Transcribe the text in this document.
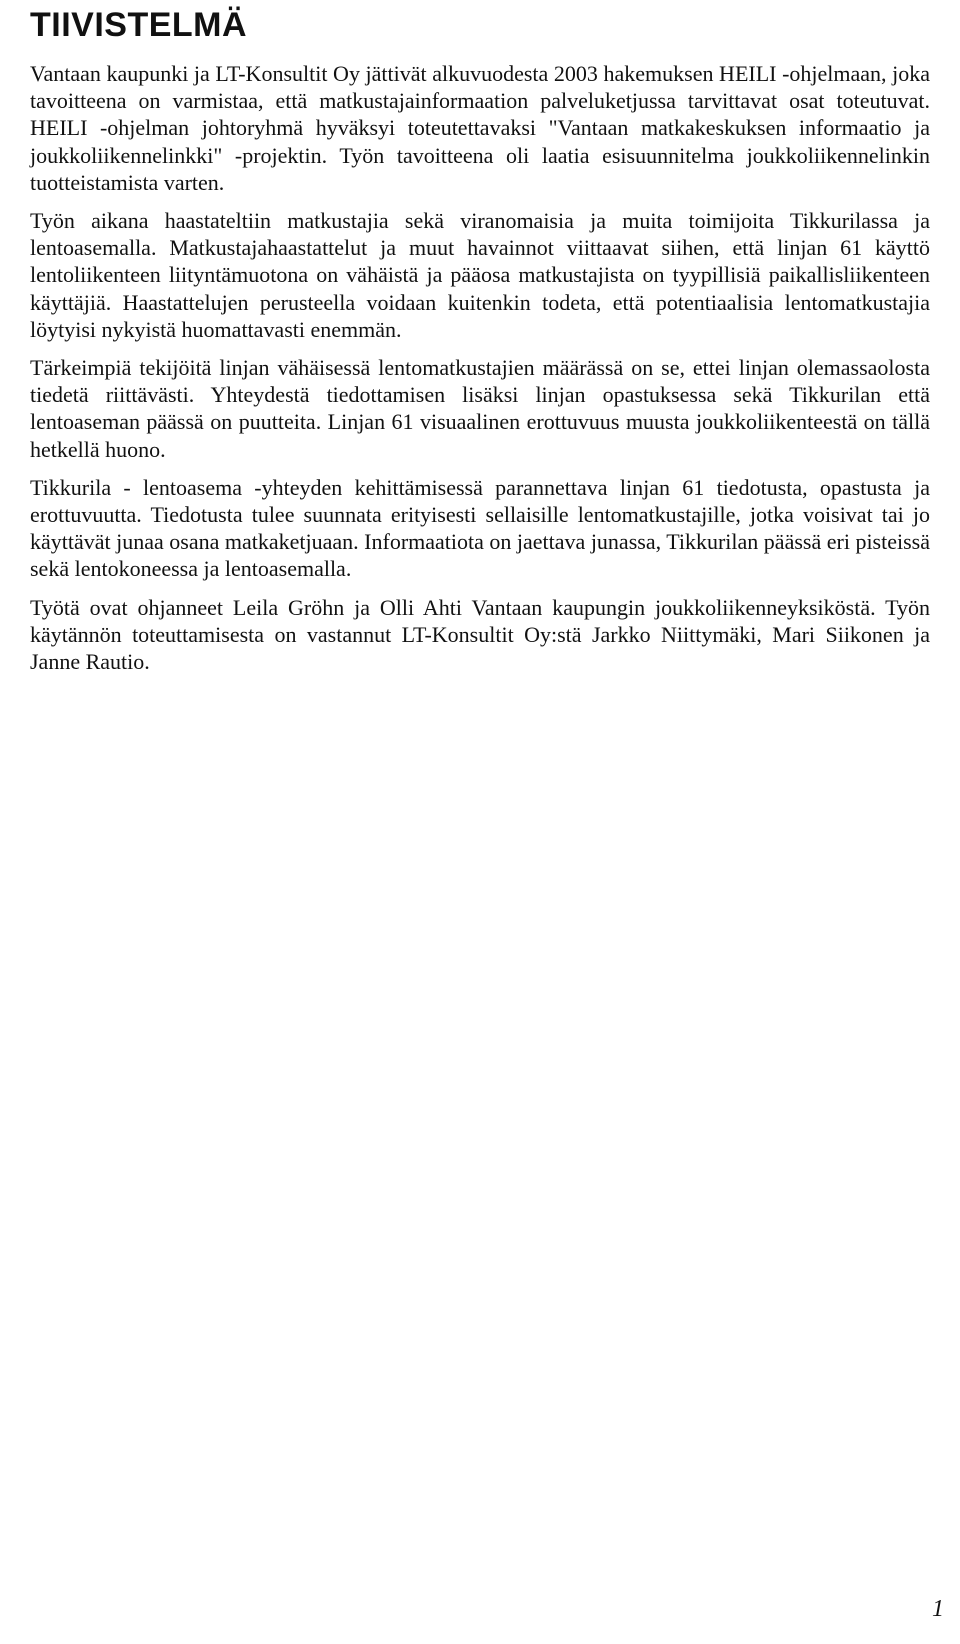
TIIVISTELMÄ

Vantaan kaupunki ja LT-Konsultit Oy jättivät alkuvuodesta 2003 hakemuksen HEILI -ohjelmaan, joka tavoitteena on varmistaa, että matkustajainformaation palveluketjussa tarvittavat osat toteutuvat. HEILI -ohjelman johtoryhmä hyväksyi toteutettavaksi "Vantaan matkakeskuksen informaatio ja joukkoliikennelinkki" -projektin. Työn tavoitteena oli laatia esisuunnitelma joukkoliikennelinkin tuotteistamista varten.

Työn aikana haastateltiin matkustajia sekä viranomaisia ja muita toimijoita Tikkurilassa ja lentoasemalla. Matkustajahaastattelut ja muut havainnot viittaavat siihen, että linjan 61 käyttö lentoliikenteen liityntämuotona on vähäistä ja pääosa matkustajista on tyypillisiä paikallisliikenteen käyttäjiä. Haastattelujen perusteella voidaan kuitenkin todeta, että potentiaalisia lentomatkustajia löytyisi nykyistä huomattavasti enemmän.

Tärkeimpiä tekijöitä linjan vähäisessä lentomatkustajien määrässä on se, ettei linjan olemassaolosta tiedetä riittävästi. Yhteydestä tiedottamisen lisäksi linjan opastuksessa sekä Tikkurilan että lentoaseman päässä on puutteita. Linjan 61 visuaalinen erottuvuus muusta joukkoliikenteestä on tällä hetkellä huono.

Tikkurila - lentoasema -yhteyden kehittämisessä parannettava linjan 61 tiedotusta, opastusta ja erottuvuutta. Tiedotusta tulee suunnata erityisesti sellaisille lentomatkustajille, jotka voisivat tai jo käyttävät junaa osana matkaketjuaan. Informaatiota on jaettava junassa, Tikkurilan päässä eri pisteissä sekä lentokoneessa ja lentoasemalla.

Työtä ovat ohjanneet Leila Gröhn ja Olli Ahti Vantaan kaupungin joukkoliikenneyksiköstä. Työn käytännön toteuttamisesta on vastannut LT-Konsultit Oy:stä Jarkko Niittymäki, Mari Siikonen ja Janne Rautio.

1
